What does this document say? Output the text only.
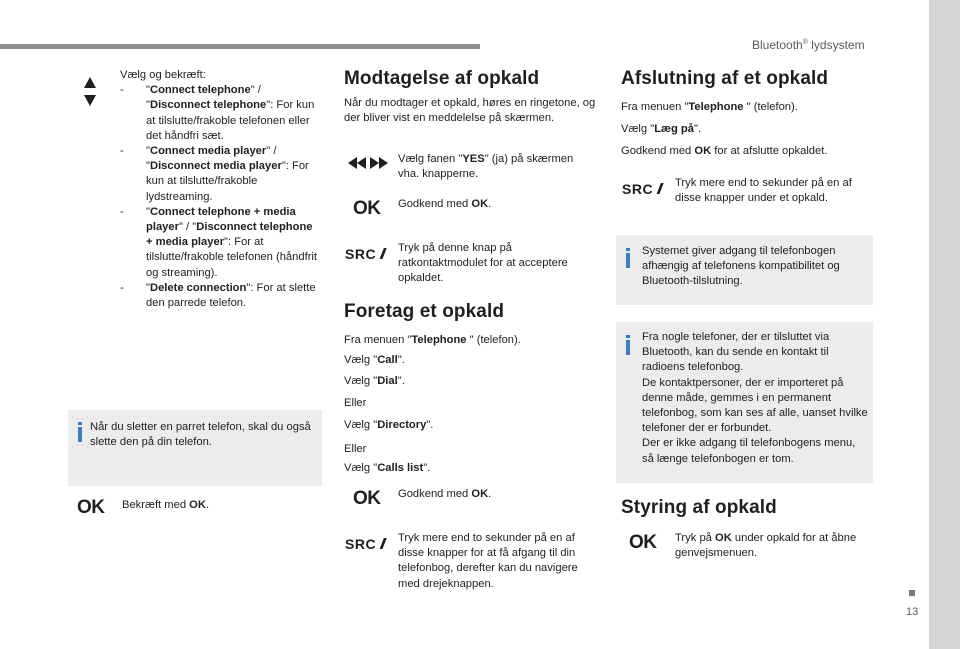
Bluetooth® lydsystem
13
Vælg og bekræft:
- "Connect telephone" / "Disconnect telephone": For kun at tilslutte/frakoble telefonen eller det håndfri sæt.
- "Connect media player" / "Disconnect media player": For kun at tilslutte/frakoble lydstreaming.
- "Connect telephone + media player" / "Disconnect telephone + media player": For at tilslutte/frakoble telefonen (håndfrit og streaming).
- "Delete connection": For at slette den parrede telefon.
Når du sletter en parret telefon, skal du også slette den på din telefon.
OK Bekræft med OK.
Modtagelse af opkald
Når du modtager et opkald, høres en ringetone, og der bliver vist en meddelelse på skærmen.
Vælg fanen "YES" (ja) på skærmen vha. knapperne.
OK Godkend med OK.
SRC // Tryk på denne knap på ratkontaktmodulet for at acceptere opkaldet.
Foretag et opkald
Fra menuen "Telephone " (telefon).
Vælg "Call".
Vælg "Dial".
Eller
Vælg "Directory".
Eller
Vælg "Calls list".
OK Godkend med OK.
SRC // Tryk mere end to sekunder på en af disse knapper for at få afgang til din telefonbog, derefter kan du navigere med drejeknappen.
Afslutning af et opkald
Fra menuen "Telephone " (telefon).
Vælg "Læg på".
Godkend med OK for at afslutte opkaldet.
SRC // Tryk mere end to sekunder på en af disse knapper under et opkald.
Systemet giver adgang til telefonbogen afhængig af telefonens kompatibilitet og Bluetooth-tilslutning.
Fra nogle telefoner, der er tilsluttet via Bluetooth, kan du sende en kontakt til radioens telefonbog.
De kontaktpersoner, der er importeret på denne måde, gemmes i en permanent telefonbog, som kan ses af alle, uanset hvilke telefoner der er forbundet.
Der er ikke adgang til telefonbogens menu, så længe telefonbogen er tom.
Styring af opkald
OK Tryk på OK under opkald for at åbne genvejsmenuen.
